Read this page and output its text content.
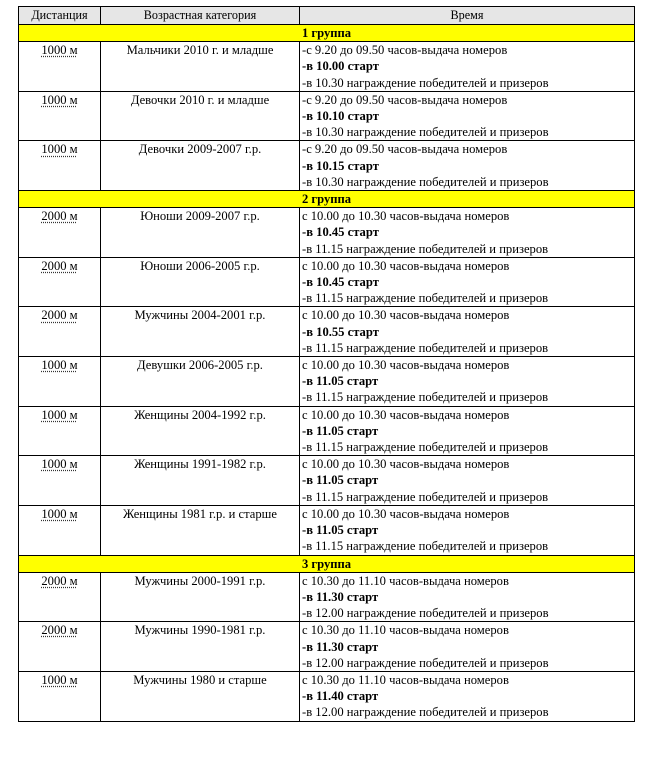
Дистанция	Возрастная категория	Время
1 группа		
1000 м	Мальчики 2010 г. и младше	-с 9.20 до 09.50 часов-выдача номеров
-в 10.00 старт
-в 10.30 награждение победителей и призеров

1000 м	Девочки 2010 г. и младше	-с 9.20 до 09.50 часов-выдача номеров
-в 10.10 старт
-в 10.30 награждение победителей и призеров

1000 м	Девочки 2009-2007 г.р.	-с 9.20 до 09.50 часов-выдача номеров
-в 10.15 старт
-в 10.30 награждение победителей и призеров

2 группа		
2000 м	Юноши 2009-2007 г.р.	с 10.00 до 10.30 часов-выдача номеров
-в 10.45 старт
-в 11.15 награждение победителей и призеров

2000 м	Юноши 2006-2005 г.р.	с 10.00 до 10.30 часов-выдача номеров
-в 10.45 старт
-в 11.15 награждение победителей и призеров

2000 м	Мужчины 2004-2001 г.р.	с 10.00 до 10.30 часов-выдача номеров
-в 10.55 старт
-в 11.15 награждение победителей и призеров

1000 м	Девушки 2006-2005 г.р.	с 10.00 до 10.30 часов-выдача номеров
-в 11.05 старт
-в 11.15 награждение победителей и призеров

1000 м	Женщины 2004-1992 г.р.	с 10.00 до 10.30 часов-выдача номеров
-в 11.05 старт
-в 11.15 награждение победителей и призеров

1000 м	Женщины 1991-1982 г.р.	с 10.00 до 10.30 часов-выдача номеров
-в 11.05 старт
-в 11.15 награждение победителей и призеров

1000 м	Женщины 1981 г.р. и старше	с 10.00 до 10.30 часов-выдача номеров
-в 11.05 старт
-в 11.15 награждение победителей и призеров

3 группа		
2000 м	Мужчины 2000-1991 г.р.	с 10.30 до 11.10 часов-выдача номеров
-в 11.30 старт
-в 12.00 награждение победителей и призеров

2000 м	Мужчины 1990-1981 г.р.	с 10.30 до 11.10 часов-выдача номеров
-в 11.30 старт
-в 12.00 награждение победителей и призеров

1000 м	Мужчины 1980 и старше	с 10.30 до 11.10 часов-выдача номеров
-в 11.40 старт
-в 12.00 награждение победителей и призеров
